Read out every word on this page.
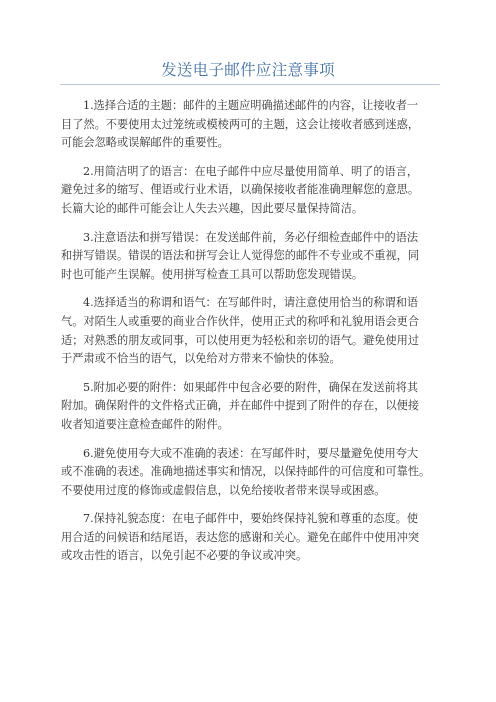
发送电子邮件应注意事项

1.选择合适的主题：邮件的主题应明确描述邮件的内容，让接收者一
目了然。不要使用太过笼统或模棱两可的主题，这会让接收者感到迷惑，
可能会忽略或误解邮件的重要性。

2.用简洁明了的语言：在电子邮件中应尽量使用简单、明了的语言，
避免过多的缩写、俚语或行业术语，以确保接收者能准确理解您的意思。
长篇大论的邮件可能会让人失去兴趣，因此要尽量保持简洁。

3.注意语法和拼写错误：在发送邮件前，务必仔细检查邮件中的语法
和拼写错误。错误的语法和拼写会让人觉得您的邮件不专业或不重视，同
时也可能产生误解。使用拼写检查工具可以帮助您发现错误。

4.选择适当的称谓和语气：在写邮件时，请注意使用恰当的称谓和语
气。对陌生人或重要的商业合作伙伴，使用正式的称呼和礼貌用语会更合
适；对熟悉的朋友或同事，可以使用更为轻松和亲切的语气。避免使用过
于严肃或不恰当的语气，以免给对方带来不愉快的体验。

5.附加必要的附件：如果邮件中包含必要的附件，确保在发送前将其
附加。确保附件的文件格式正确，并在邮件中提到了附件的存在，以便接
收者知道要注意检查邮件的附件。

6.避免使用夸大或不准确的表述：在写邮件时，要尽量避免使用夸大
或不准确的表述。准确地描述事实和情况，以保持邮件的可信度和可靠性。
不要使用过度的修饰或虚假信息，以免给接收者带来误导或困惑。

7.保持礼貌态度：在电子邮件中，要始终保持礼貌和尊重的态度。使
用合适的问候语和结尾语，表达您的感谢和关心。避免在邮件中使用冲突
或攻击性的语言，以免引起不必要的争议或冲突。
